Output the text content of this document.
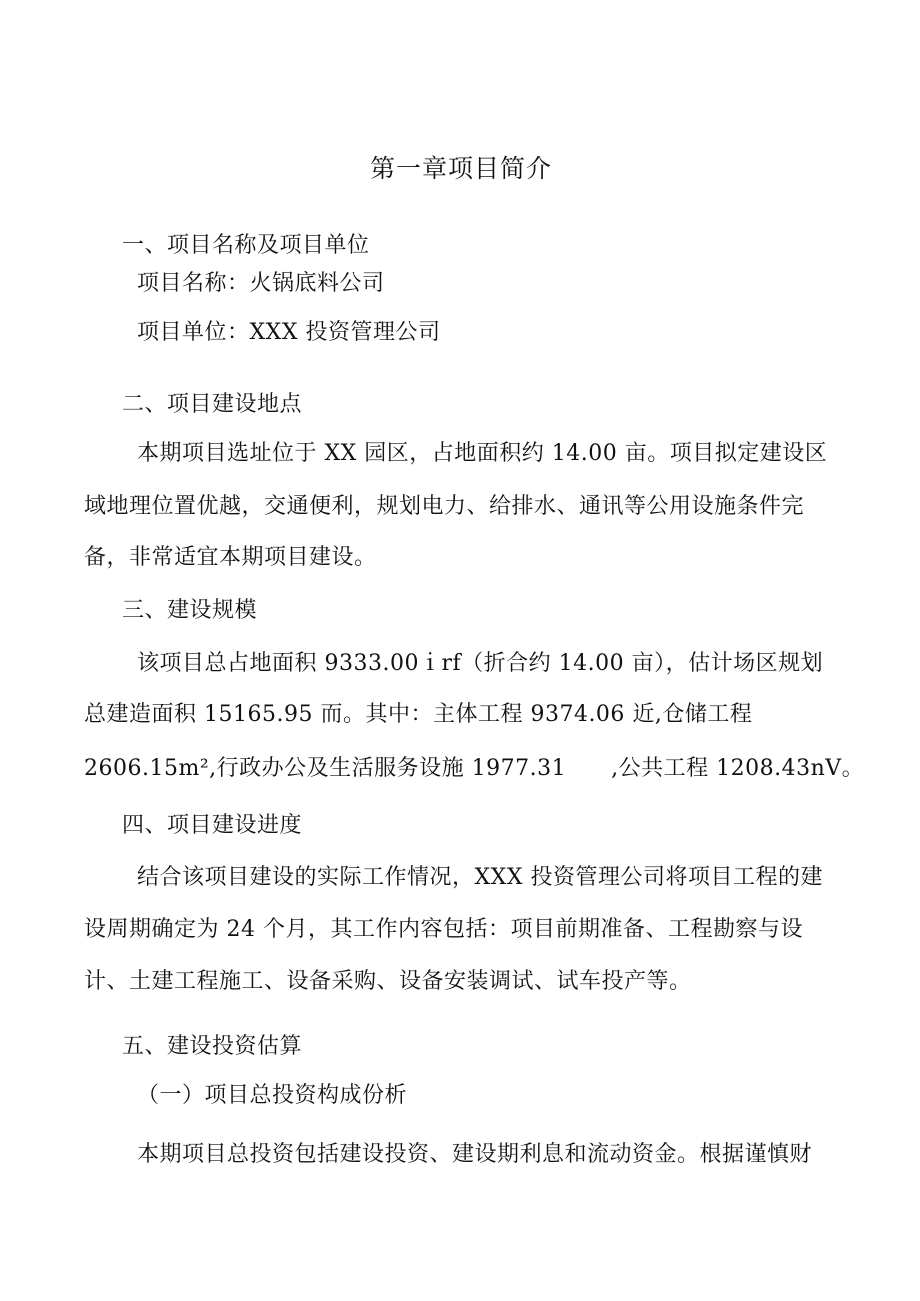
第一章项目简介
一、项目名称及项目单位
项目名称：火锅底料公司
项目单位：XXX 投资管理公司
二、项目建设地点
本期项目选址位于 XX 园区，占地面积约 14.00 亩。项目拟定建设区
域地理位置优越，交通便利，规划电力、给排水、通讯等公用设施条件完
备，非常适宜本期项目建设。
三、建设规模
该项目总占地面积 9333.00ｉrf（折合约 14.00 亩），估计场区规划
总建造面积 15165.95 而。其中：主体工程 9374.06 近,仓储工程
2606.15m²,行政办公及生活服务设施 1977.31　　,公共工程 1208.43nV。
四、项目建设进度
结合该项目建设的实际工作情况，XXX 投资管理公司将项目工程的建
设周期确定为 24 个月，其工作内容包括：项目前期准备、工程勘察与设
计、土建工程施工、设备采购、设备安装调试、试车投产等。
五、建设投资估算
（一）项目总投资构成份析
本期项目总投资包括建设投资、建设期利息和流动资金。根据谨慎财
